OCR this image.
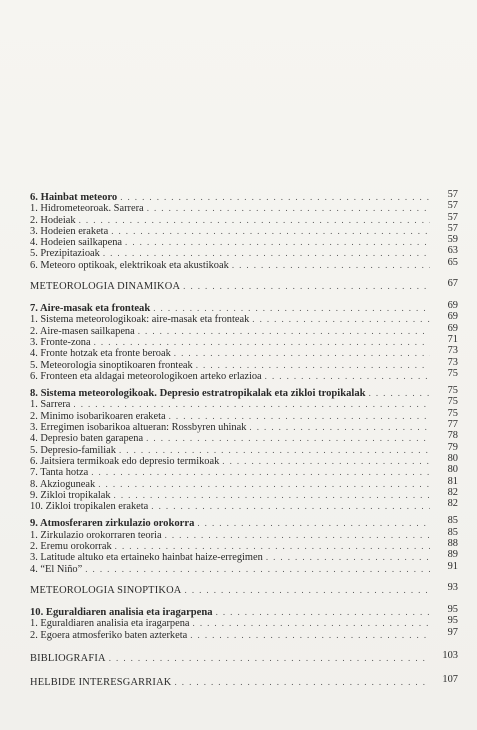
6. Hainbat meteoro . . .	57
1. Hidrometeoroak. Sarrera . . .	57
2. Hodeiak . . .	57
3. Hodeien eraketa . . .	57
4. Hodeien sailkapena . . .	59
5. Prezipitazioak . . .	63
6. Meteoro optikoak, elektrikoak eta akustikoak . . .	65
METEOROLOGIA DINAMIKOA . . .	67
7. Aire-masak eta fronteak . . .	69
1. Sistema meteorologikoak: aire-masak eta fronteak . . .	69
2. Aire-masen sailkapena . . .	69
3. Fronte-zona . . .	71
4. Fronte hotzak eta fronte beroak . . .	73
5. Meteorologia sinoptikoaren fronteak . . .	73
6. Fronteen eta aldagai meteorologikoen arteko erlazioa . . .	75
8. Sistema meteorologikoak. Depresio estratropikalak eta zikloi tropikalak . . .	75
1. Sarrera . . .	75
2. Minimo isobarikoaren eraketa . . .	75
3. Erregimen isobarikoa altueran: Rossbyren uhinak . . .	77
4. Depresio baten garapena . . .	78
5. Depresio-familiak . . .	79
6. Jaitsiera termikoak edo depresio termikoak . . .	80
7. Tanta hotza . . .	80
8. Akzioguneak . . .	81
9. Zikloi tropikalak . . .	82
10. Zikloi tropikalen eraketa . . .	82
9. Atmosferaren zirkulazio orokorra . . .	85
1. Zirkulazio orokorraren teoria . . .	85
2. Eremu orokorrak . . .	88
3. Latitude altuko eta ertaineko hainbat haize-erregimen . . .	89
4. “El Niño” . . .	91
METEOROLOGIA SINOPTIKOA . . .	93
10. Eguraldiaren analisia eta iragarpena . . .	95
1. Eguraldiaren analisia eta iragarpena . . .	95
2. Egoera atmosferiko baten azterketa . . .	97
BIBLIOGRAFIA . . .	103
HELBIDE INTERESGARRIAK . . .	107
